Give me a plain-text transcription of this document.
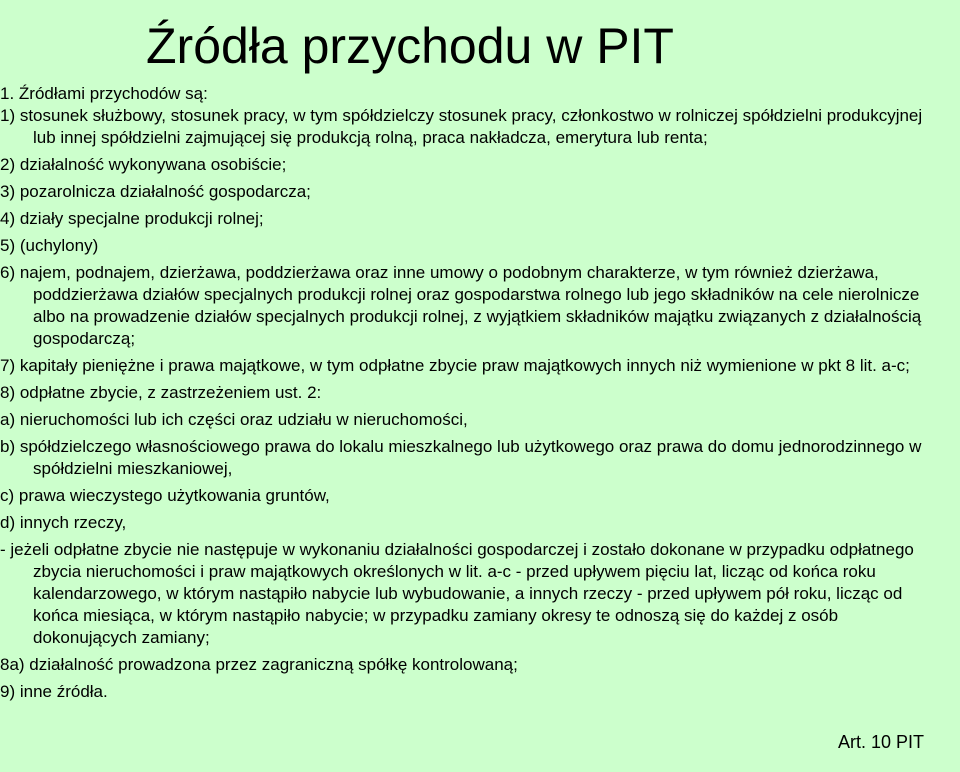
Źródła przychodu w PIT

1. Źródłami przychodów są:

1) stosunek służbowy, stosunek pracy, w tym spółdzielczy stosunek pracy, członkostwo w rolniczej spółdzielni produkcyjnej lub innej spółdzielni zajmującej się produkcją rolną, praca nakładcza, emerytura lub renta;

2) działalność wykonywana osobiście;

3) pozarolnicza działalność gospodarcza;

4) działy specjalne produkcji rolnej;

5) (uchylony)

6) najem, podnajem, dzierżawa, poddzierżawa oraz inne umowy o podobnym charakterze, w tym również dzierżawa, poddzierżawa działów specjalnych produkcji rolnej oraz gospodarstwa rolnego lub jego składników na cele nierolnicze albo na prowadzenie działów specjalnych produkcji rolnej, z wyjątkiem składników majątku związanych z działalnością gospodarczą;

7) kapitały pieniężne i prawa majątkowe, w tym odpłatne zbycie praw majątkowych innych niż wymienione w pkt 8 lit. a-c;

8) odpłatne zbycie, z zastrzeżeniem ust. 2:

a) nieruchomości lub ich części oraz udziału w nieruchomości,

b) spółdzielczego własnościowego prawa do lokalu mieszkalnego lub użytkowego oraz prawa do domu jednorodzinnego w spółdzielni mieszkaniowej,

c) prawa wieczystego użytkowania gruntów,

d) innych rzeczy,

- jeżeli odpłatne zbycie nie następuje w wykonaniu działalności gospodarczej i zostało dokonane w przypadku odpłatnego zbycia nieruchomości i praw majątkowych określonych w lit. a-c - przed upływem pięciu lat, licząc od końca roku kalendarzowego, w którym nastąpiło nabycie lub wybudowanie, a innych rzeczy - przed upływem pół roku, licząc od końca miesiąca, w którym nastąpiło nabycie; w przypadku zamiany okresy te odnoszą się do każdej z osób dokonujących zamiany;

8a) działalność prowadzona przez zagraniczną spółkę kontrolowaną;

9) inne źródła.

Art. 10 PIT
